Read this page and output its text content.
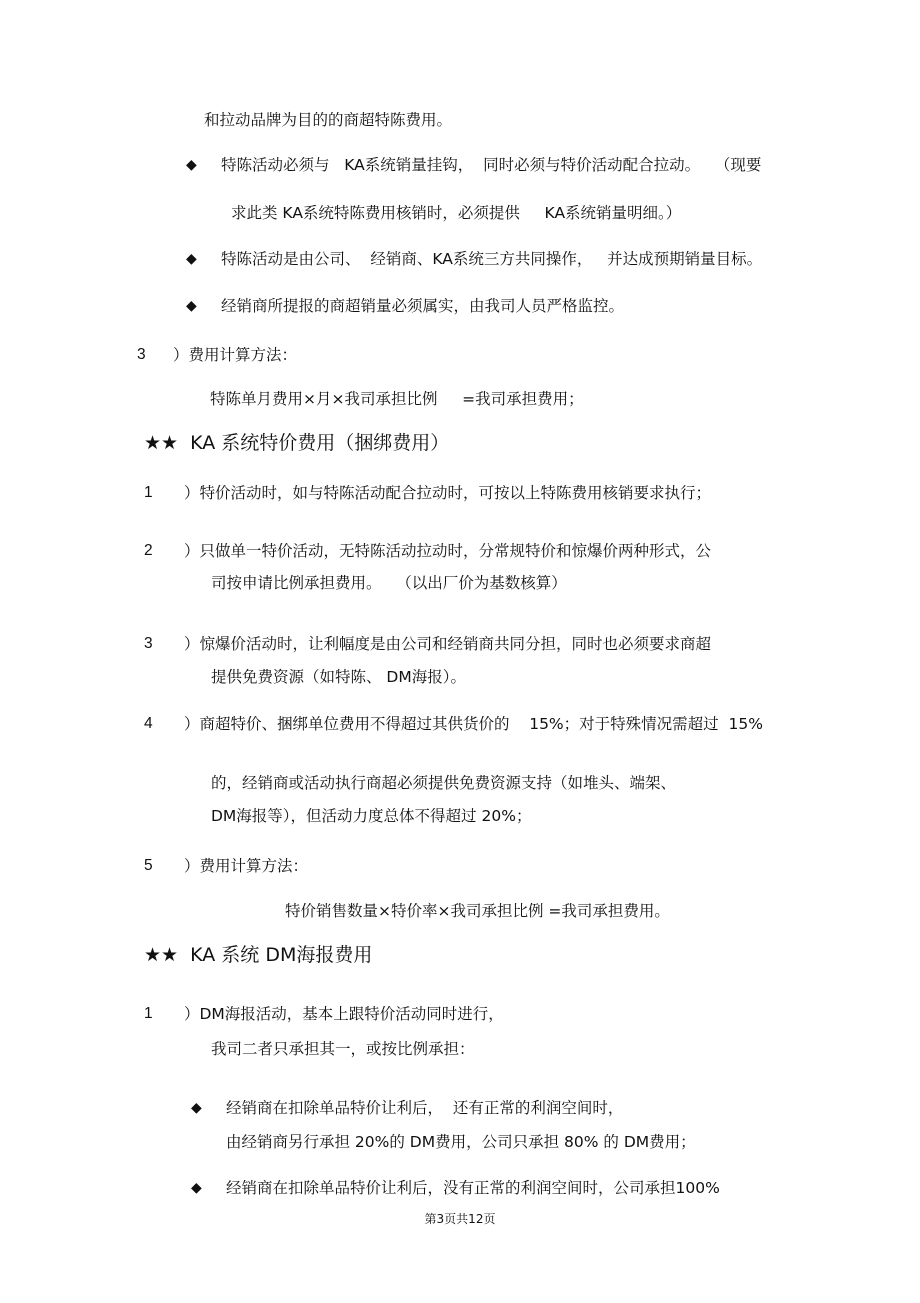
和拉动品牌为目的的商超特陈费用。
◆ 特陈活动必须与   KA系统销量挂钩，  同时必须与特价活动配合拉动。   （现要
求此类 KA系统特陈费用核销时，必须提供     KA系统销量明细。）
◆ 特陈活动是由公司、  经销商、KA系统三方共同操作，   并达成预期销量目标。
◆ 经销商所提报的商超销量必须属实，由我司人员严格监控。
3 ）费用计算方法：
特陈单月费用×月×我司承担比例     =我司承担费用；
★★  KA 系统特价费用（捆绑费用）
1 ）特价活动时，如与特陈活动配合拉动时，可按以上特陈费用核销要求执行；
2 ）只做单一特价活动，无特陈活动拉动时，分常规特价和惊爆价两种形式，公
司按申请比例承担费用。   （以出厂价为基数核算）
3 ）惊爆价活动时，让利幅度是由公司和经销商共同分担，同时也必须要求商超
提供免费资源（如特陈、 DM海报）。
4 ）商超特价、捆绑单位费用不得超过其供货价的    15%；对于特殊情况需超过  15%
的，经销商或活动执行商超必须提供免费资源支持（如堆头、端架、
DM海报等），但活动力度总体不得超过 20%；
5 ）费用计算方法：
特价销售数量×特价率×我司承担比例 =我司承担费用。
★★  KA 系统 DM海报费用
1 ）DM海报活动，基本上跟特价活动同时进行，
我司二者只承担其一，或按比例承担：
◆ 经销商在扣除单品特价让利后，  还有正常的利润空间时，
由经销商另行承担 20%的 DM费用，公司只承担 80% 的 DM费用；
◆ 经销商在扣除单品特价让利后，没有正常的利润空间时，公司承担100%
第3页共12页
